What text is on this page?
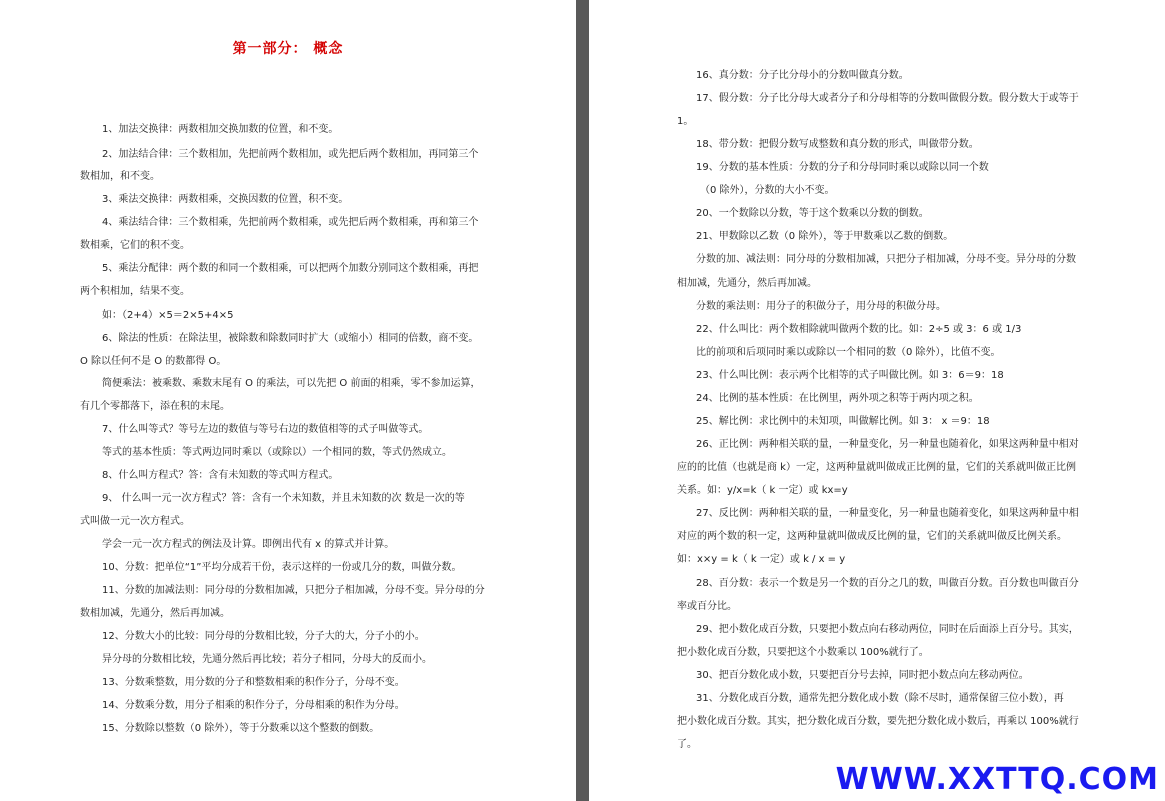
第一部分： 概念
1、加法交换律：两数相加交换加数的位置，和不变。
2、加法结合律：三个数相加，先把前两个数相加，或先把后两个数相加，再同第三个
数相加，和不变。
3、乘法交换律：两数相乘，交换因数的位置，积不变。
4、乘法结合律：三个数相乘，先把前两个数相乘，或先把后两个数相乘，再和第三个
数相乘，它们的积不变。
5、乘法分配律：两个数的和同一个数相乘，可以把两个加数分别同这个数相乘，再把
两个积相加，结果不变。
如：（2+4）×5＝2×5+4×5
6、除法的性质：在除法里，被除数和除数同时扩大（或缩小）相同的倍数，商不变。
O 除以任何不是 O 的数都得 O。
简便乘法：被乘数、乘数末尾有 O 的乘法，可以先把 O 前面的相乘，零不参加运算，
有几个零都落下，添在积的末尾。
7、什么叫等式？等号左边的数值与等号右边的数值相等的式子叫做等式。
等式的基本性质：等式两边同时乘以（或除以）一个相同的数，等式仍然成立。
8、什么叫方程式？答：含有未知数的等式叫方程式。
9、 什么叫一元一次方程式？答：含有一个未知数，并且未知数的次 数是一次的等
式叫做一元一次方程式。
学会一元一次方程式的例法及计算。即例出代有 x 的算式并计算。
10、分数：把单位“1”平均分成若干份，表示这样的一份或几分的数，叫做分数。
11、分数的加减法则：同分母的分数相加减，只把分子相加减，分母不变。异分母的分
数相加减，先通分，然后再加减。
12、分数大小的比较：同分母的分数相比较，分子大的大，分子小的小。
异分母的分数相比较，先通分然后再比较；若分子相同，分母大的反而小。
13、分数乘整数，用分数的分子和整数相乘的积作分子，分母不变。
14、分数乘分数，用分子相乘的积作分子，分母相乘的积作为分母。
15、分数除以整数（0 除外），等于分数乘以这个整数的倒数。
16、真分数：分子比分母小的分数叫做真分数。
17、假分数：分子比分母大或者分子和分母相等的分数叫做假分数。假分数大于或等于
1。
18、带分数：把假分数写成整数和真分数的形式，叫做带分数。
19、分数的基本性质：分数的分子和分母同时乘以或除以同一个数
（0 除外），分数的大小不变。
20、一个数除以分数，等于这个数乘以分数的倒数。
21、甲数除以乙数（0 除外），等于甲数乘以乙数的倒数。
分数的加、减法则：同分母的分数相加减，只把分子相加减，分母不变。异分母的分数
相加减，先通分，然后再加减。
分数的乘法则：用分子的积做分子，用分母的积做分母。
22、什么叫比：两个数相除就叫做两个数的比。如：2÷5 或 3：6 或 1/3
比的前项和后项同时乘以或除以一个相同的数（0 除外），比值不变。
23、什么叫比例：表示两个比相等的式子叫做比例。如 3：6＝9：18
24、比例的基本性质：在比例里，两外项之积等于两内项之积。
25、解比例：求比例中的未知项，叫做解比例。如 3： x ＝9：18
26、正比例：两种相关联的量，一种量变化，另一种量也随着化，如果这两种量中相对
应的的比值（也就是商 k）一定，这两种量就叫做成正比例的量，它们的关系就叫做正比例
关系。如：y/x=k（ k 一定）或 kx=y
27、反比例：两种相关联的量，一种量变化，另一种量也随着变化，如果这两种量中相
对应的两个数的积一定，这两种量就叫做成反比例的量，它们的关系就叫做反比例关系。
如：x×y = k（ k 一定）或 k / x = y
28、百分数：表示一个数是另一个数的百分之几的数，叫做百分数。百分数也叫做百分
率或百分比。
29、把小数化成百分数，只要把小数点向右移动两位，同时在后面添上百分号。其实，
把小数化成百分数，只要把这个小数乘以 100%就行了。
30、把百分数化成小数，只要把百分号去掉，同时把小数点向左移动两位。
31、分数化成百分数，通常先把分数化成小数（除不尽时，通常保留三位小数），再
把小数化成百分数。其实，把分数化成百分数，要先把分数化成小数后，再乘以 100%就行
了。
WWW.XXTTQ.COM
